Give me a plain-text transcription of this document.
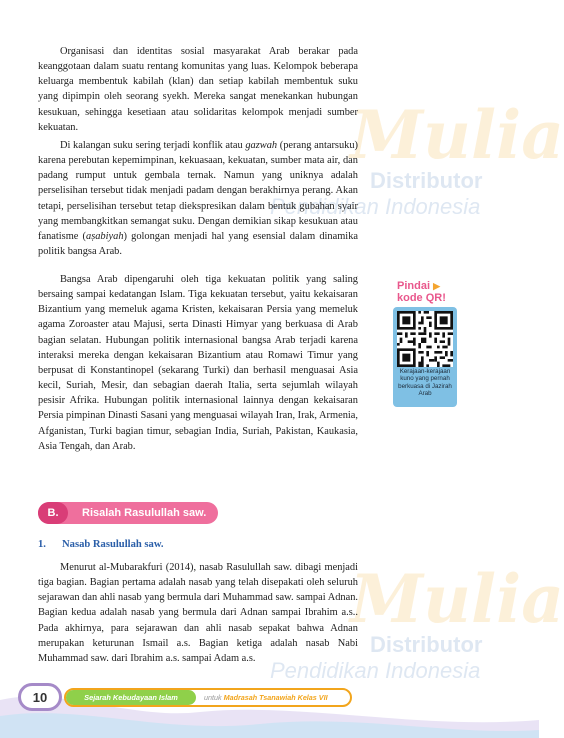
Mulia
Distributor
Pendidikan Indonesia
Mulia
Distributor
Pendidikan Indonesia

Organisasi dan identitas sosial masyarakat Arab berakar pada keanggotaan dalam suatu rentang komunitas yang luas. Kelompok beberapa keluarga membentuk kabilah (klan) dan setiap kabilah membentuk suku yang dipimpin oleh seorang syekh. Mereka sangat menekankan hubungan kesukuan, sehingga kesetiaan atau solidaritas kelompok menjadi sumber kekuatan.

Di kalangan suku sering terjadi konflik atau gazwah (perang antarsuku) karena perebutan kepemimpinan, kekuasaan, kekuatan, sumber mata air, dan padang rumput untuk gembala ternak. Namun yang uniknya adalah perselisihan tersebut tidak menjadi padam dengan berakhirnya perang. Akan tetapi, perselisihan tersebut tetap diekspresikan dalam bentuk gubahan syair yang membangkitkan semangat suku. Dengan demikian sikap kesukuan atau fanatisme (aṣabiyah) golongan menjadi hal yang esensial dalam dinamika politik bangsa Arab.

Bangsa Arab dipengaruhi oleh tiga kekuatan politik yang saling bersaing sampai kedatangan Islam. Tiga kekuatan tersebut, yaitu kekaisaran Bizantium yang memeluk agama Kristen, kekaisaran Persia yang memeluk agama Zoroaster atau Majusi, serta Dinasti Himyar yang berkuasa di Arab bagian selatan. Hubungan politik internasional bangsa Arab terjadi karena interaksi mereka dengan kekaisaran Bizantium atau Romawi Timur yang berpusat di Konstantinopel (sekarang Turki) dan berhasil menguasai Asia kecil, Suriah, Mesir, dan sebagian daerah Italia, serta sejumlah wilayah pesisir Afrika. Hubungan politik internasional lainnya dengan kekaisaran Persia pimpinan Dinasti Sasani yang menguasai wilayah Iran, Irak, Armenia, Afganistan, Turki bagian timur, sebagian India, Suriah, Pakistan, Kaukasia, Asia Tengah, dan Arab.

Pindai ▶
kode QR!
Kerajaan-kerajaan kuno yang pernah berkuasa di Jazirah Arab
B.	Risalah Rasulullah saw.
1. Nasab Rasulullah saw.

Menurut al-Mubarakfuri (2014), nasab Rasulullah saw. dibagi menjadi tiga bagian. Bagian pertama adalah nasab yang telah disepakati oleh seluruh sejarawan dan ahli nasab yang bermula dari Muhammad saw. sampai Adnan. Bagian kedua adalah nasab yang bermula dari Adnan sampai Ibrahim a.s.. Pada akhirnya, para sejarawan dan ahli nasab sepakat bahwa Adnan merupakan keturunan Ismail a.s. Bagian ketiga adalah nasab Nabi Muhammad saw. dari Ibrahim a.s. sampai Adam a.s.

Sejarah Kebudayaan Islam	untuk Madrasah Tsanawiah Kelas VII
10
